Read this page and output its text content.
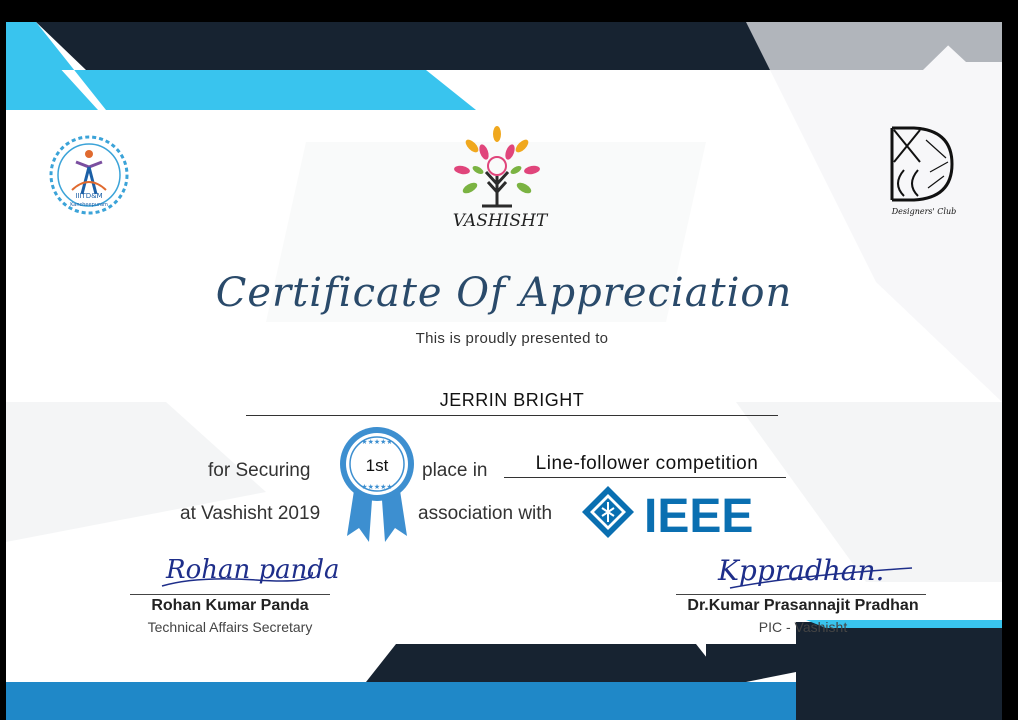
IIITD&M
Kancheepuram
VASHISHT	Designers' Club
Certificate Of Appreciation
This is proudly presented to
JERRIN BRIGHT
for Securing
at Vashisht 2019
★★★★★
★★★★★
1st place in
association with
Line-follower competition
IEEE
Rohan panda
Rohan Kumar Panda
Technical Affairs Secretary
Kppradhan.
Dr.Kumar Prasannajit Pradhan
PIC - Vashisht
